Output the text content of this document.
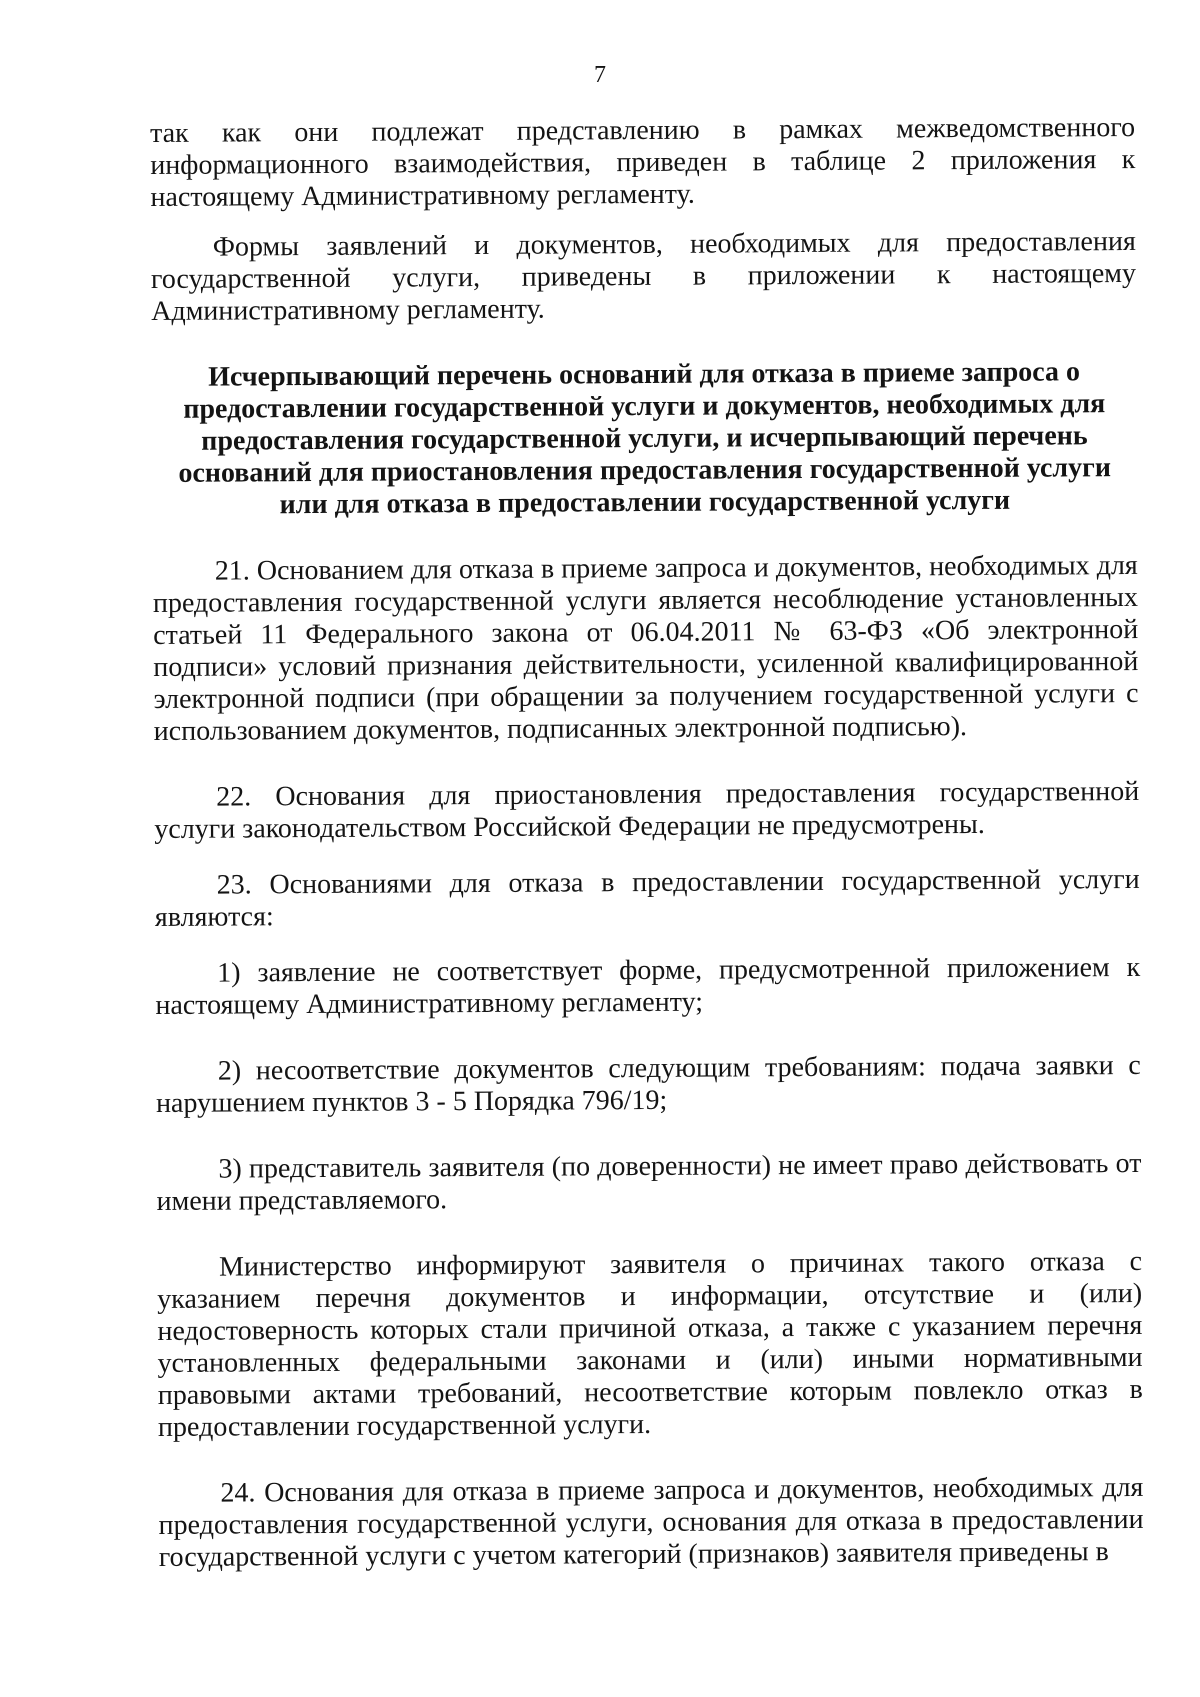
7

так как они подлежат представлению в рамках межведомственного информационного взаимодействия, приведен в таблице 2 приложения к настоящему Административному регламенту.

Формы заявлений и документов, необходимых для предоставления государственной услуги, приведены в приложении к настоящему Административному регламенту.

Исчерпывающий перечень оснований для отказа в приеме запроса о предоставлении государственной услуги и документов, необходимых для предоставления государственной услуги, и исчерпывающий перечень оснований для приостановления предоставления государственной услуги или для отказа в предоставлении государственной услуги

21. Основанием для отказа в приеме запроса и документов, необходимых для предоставления государственной услуги является несоблюдение установленных статьей 11 Федерального закона от 06.04.2011 № 63-ФЗ «Об электронной подписи» условий признания действительности, усиленной квалифицированной электронной подписи (при обращении за получением государственной услуги с использованием документов, подписанных электронной подписью).

22. Основания для приостановления предоставления государственной услуги законодательством Российской Федерации не предусмотрены.

23. Основаниями для отказа в предоставлении государственной услуги являются:

1) заявление не соответствует форме, предусмотренной приложением к настоящему Административному регламенту;

2) несоответствие документов следующим требованиям: подача заявки с нарушением пунктов 3 - 5 Порядка 796/19;

3) представитель заявителя (по доверенности) не имеет право действовать от имени представляемого.

Министерство информируют заявителя о причинах такого отказа с указанием перечня документов и информации, отсутствие и (или) недостоверность которых стали причиной отказа, а также с указанием перечня установленных федеральными законами и (или) иными нормативными правовыми актами требований, несоответствие которым повлекло отказ в предоставлении государственной услуги.

24. Основания для отказа в приеме запроса и документов, необходимых для предоставления государственной услуги, основания для отказа в предоставлении государственной услуги с учетом категорий (признаков) заявителя приведены в
